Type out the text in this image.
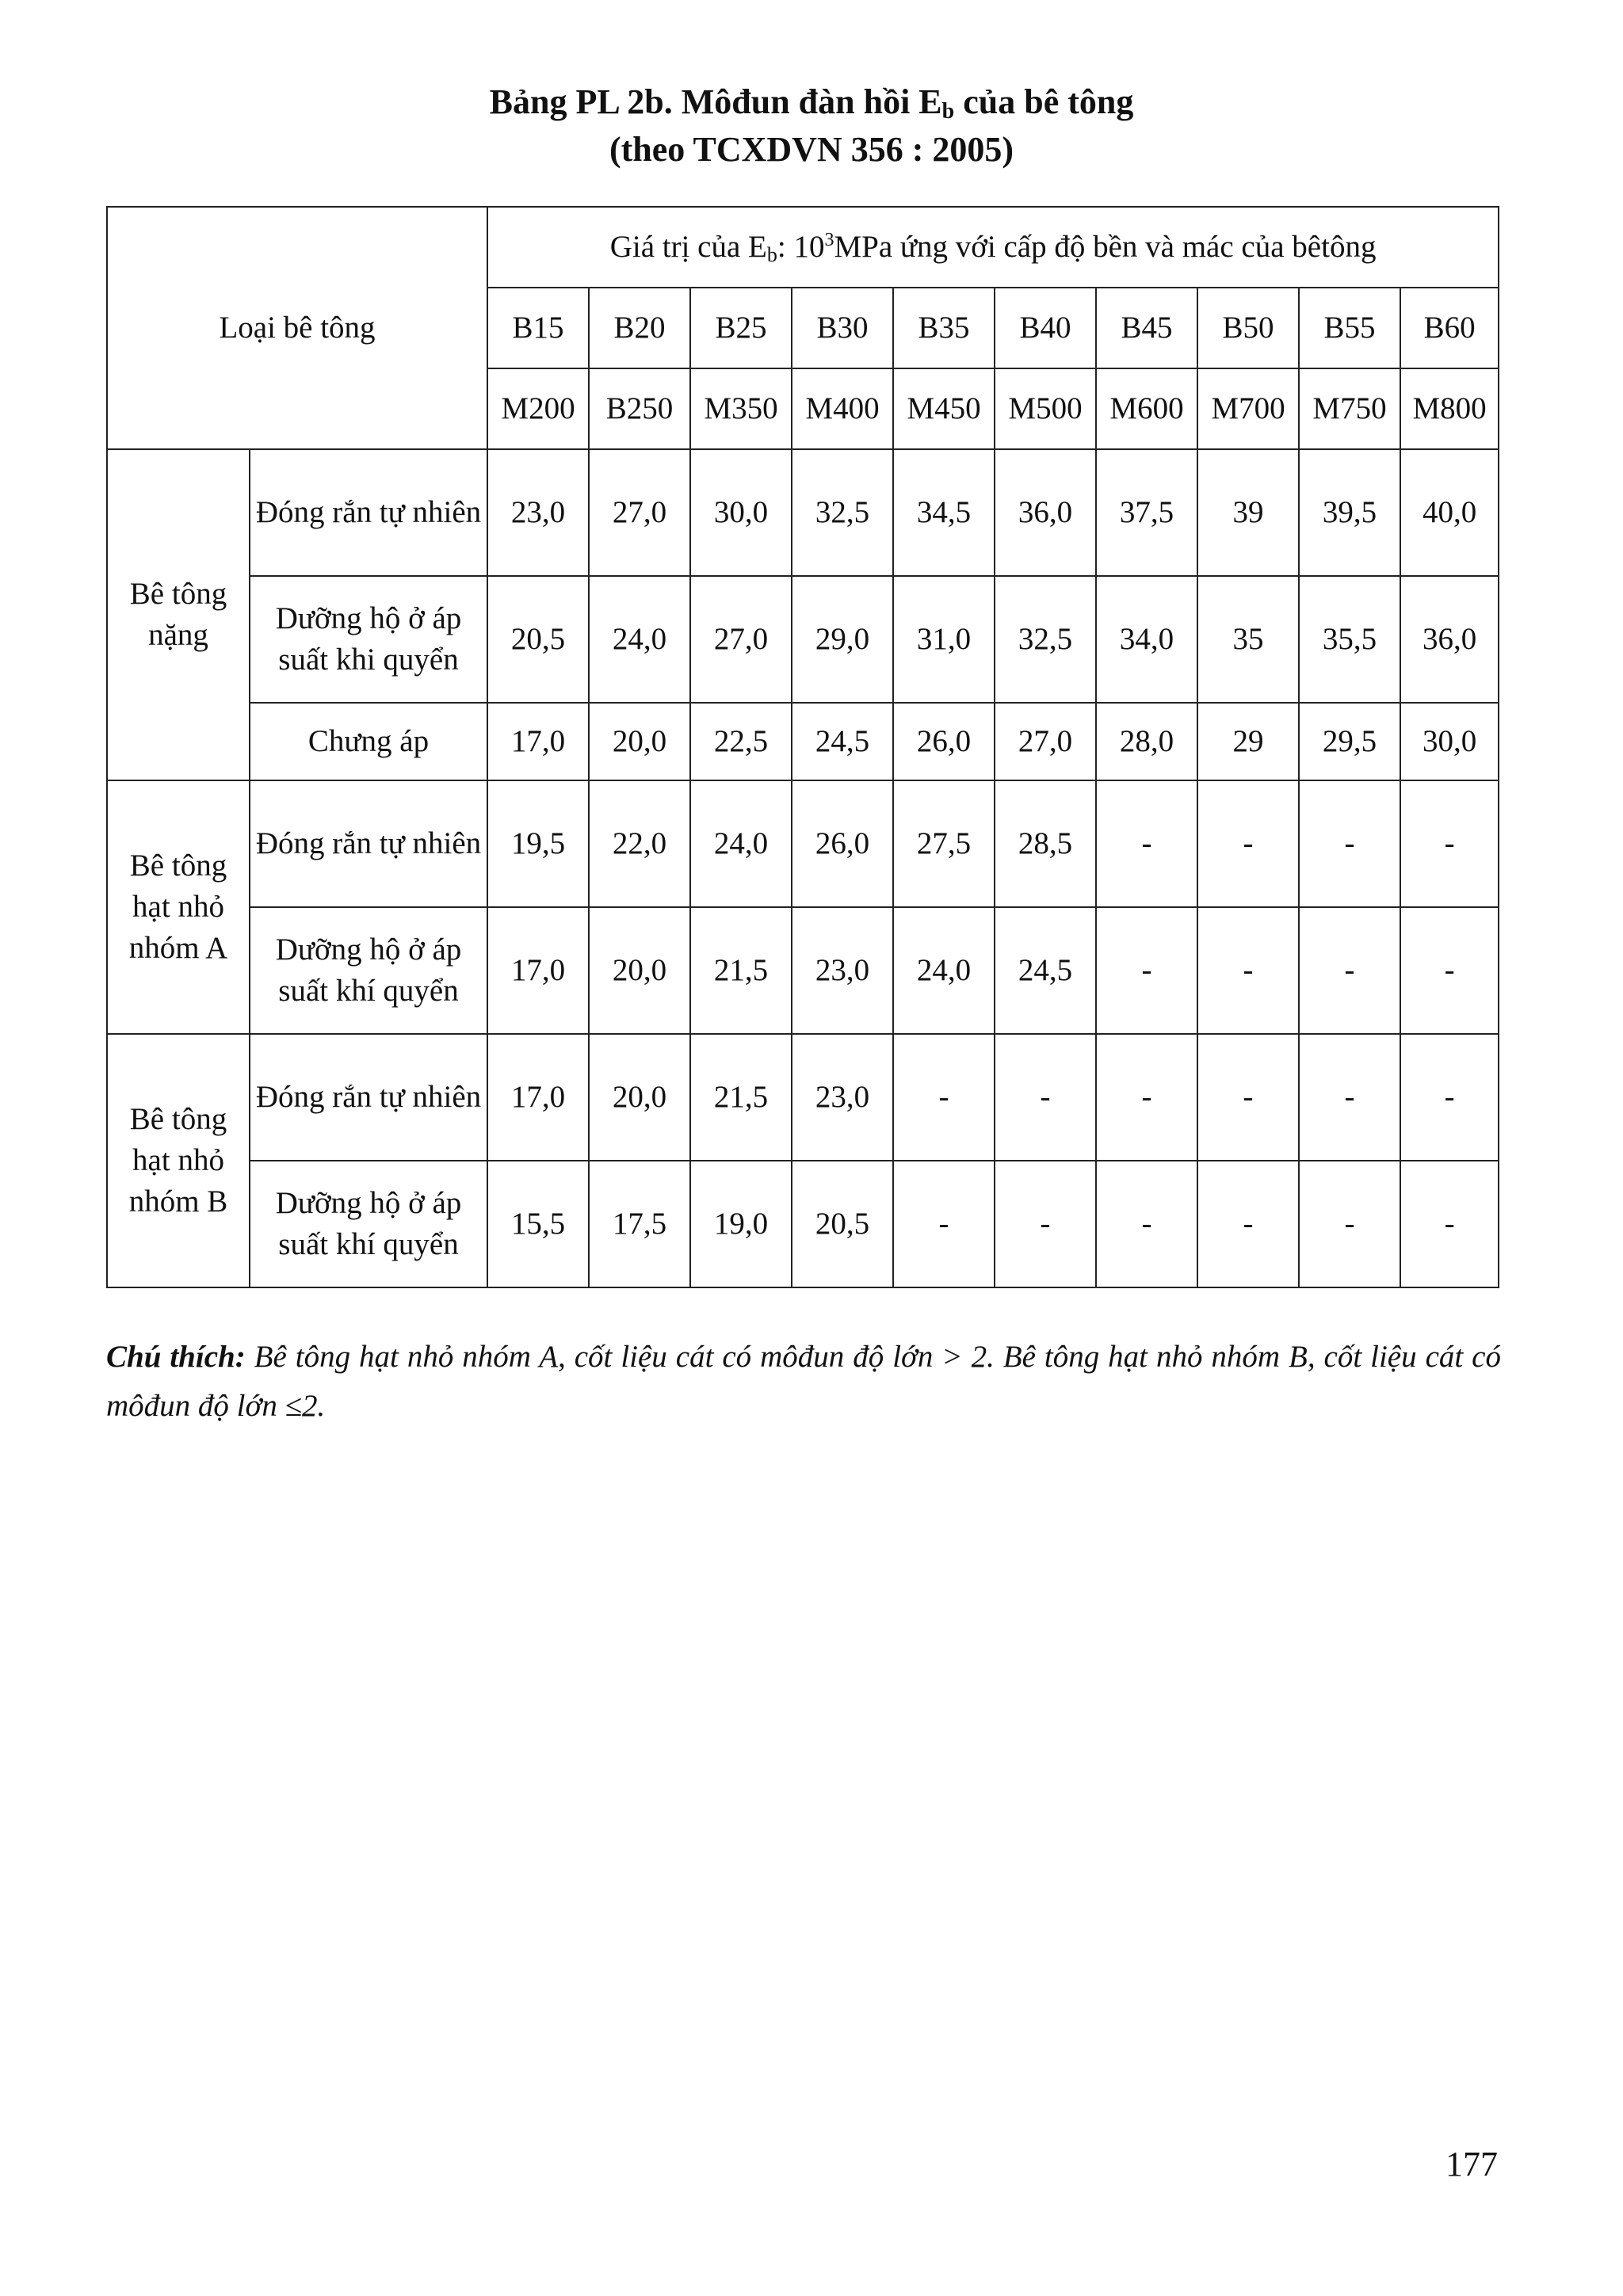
Bảng PL 2b. Môđun đàn hồi $E_b$ của bê tông
(theo TCXDVN 356 : 2005)
Loại bê tông		Giá trị của $E_b$: $10^3MPa$ ứng với cấp độ bền và mác của bêtông									
		B15	B20	B25	B30	B35	B40	B45	B50	B55	B60
		M200	B250	M350	M400	M450	M500	M600	M700	M750	M800
Bê tông nặng	Đóng rắn tự nhiên	23,0	27,0	30,0	32,5	34,5	36,0	37,5	39	39,5	40,0
	Dưỡng hộ ở áp suất khi quyển	20,5	24,0	27,0	29,0	31,0	32,5	34,0	35	35,5	36,0
	Chưng áp	17,0	20,0	22,5	24,5	26,0	27,0	28,0	29	29,5	30,0
Bê tông hạt nhỏ nhóm A	Đóng rắn tự nhiên	19,5	22,0	24,0	26,0	27,5	28,5	-	-	-	-
	Dưỡng hộ ở áp suất khí quyển	17,0	20,0	21,5	23,0	24,0	24,5	-	-	-	-
Bê tông hạt nhỏ nhóm B	Đóng rắn tự nhiên	17,0	20,0	21,5	23,0	-	-	-	-	-	-
	Dưỡng hộ ở áp suất khí quyển	15,5	17,5	19,0	20,5	-	-	-	-	-	-
Chú thích: Bê tông hạt nhỏ nhóm A, cốt liệu cát có môđun độ lớn > 2. Bê tông hạt nhỏ nhóm B, cốt liệu cát có môđun độ lớn ≤2.
177
